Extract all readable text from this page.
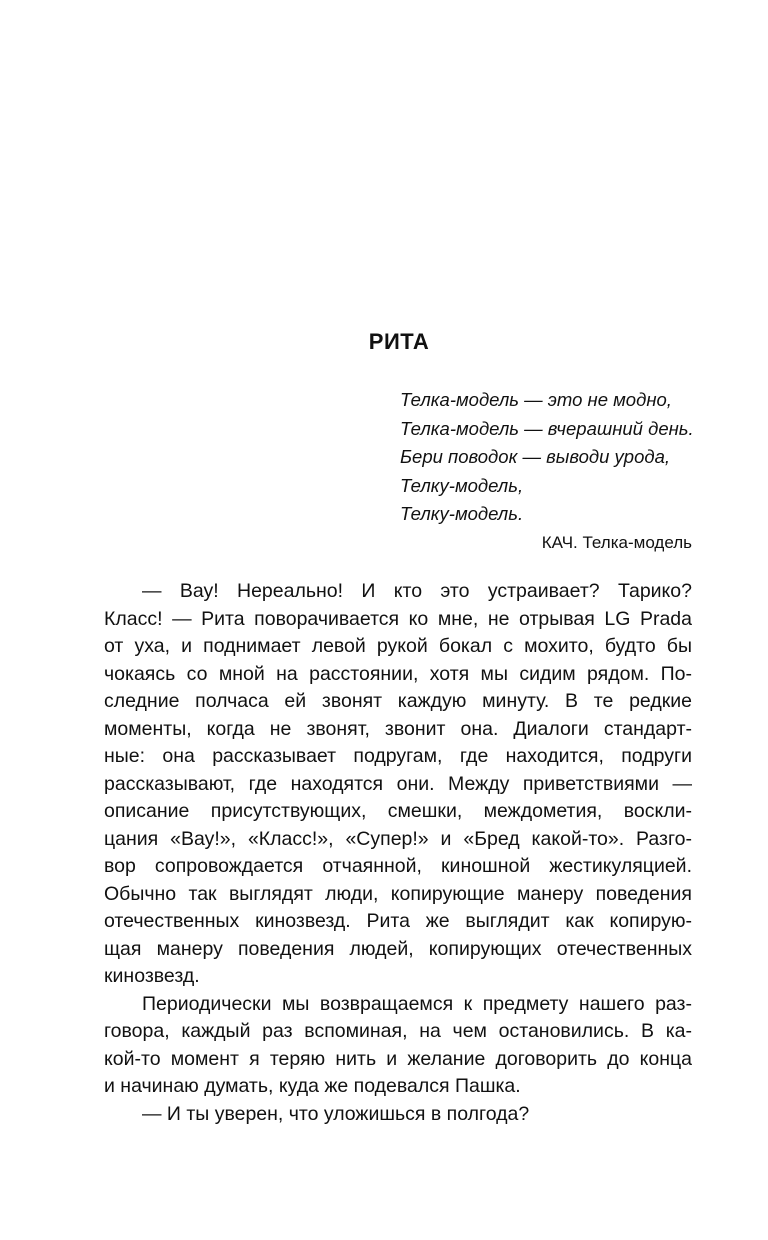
РИТА
Телка-модель — это не модно,
Телка-модель — вчерашний день.
Бери поводок — выводи урода,
Телку-модель,
Телку-модель.
КАЧ. Телка-модель
— Вау! Нереально! И кто это устраивает? Тарико?
Класс! — Рита поворачивается ко мне, не отрывая LG Prada
от уха, и поднимает левой рукой бокал с мохито, будто бы
чокаясь со мной на расстоянии, хотя мы сидим рядом. По-
следние полчаса ей звонят каждую минуту. В те редкие
моменты, когда не звонят, звонит она. Диалоги стандарт-
ные: она рассказывает подругам, где находится, подруги
рассказывают, где находятся они. Между приветствиями —
описание присутствующих, смешки, междометия, воскли-
цания «Вау!», «Класс!», «Супер!» и «Бред какой-то». Разго-
вор сопровождается отчаянной, киношной жестикуляцией.
Обычно так выглядят люди, копирующие манеру поведения
отечественных кинозвезд. Рита же выглядит как копирую-
щая манеру поведения людей, копирующих отечественных
кинозвезд.
Периодически мы возвращаемся к предмету нашего раз-
говора, каждый раз вспоминая, на чем остановились. В ка-
кой-то момент я теряю нить и желание договорить до конца
и начинаю думать, куда же подевался Пашка.
— И ты уверен, что уложишься в полгода?
